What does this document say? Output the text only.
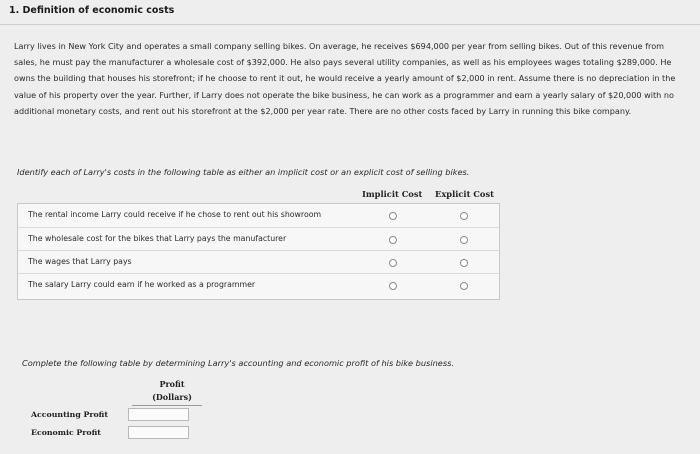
1. Definition of economic costs

Larry lives in New York City and operates a small company selling bikes. On average, he receives $694,000 per year from selling bikes. Out of this revenue from sales, he must pay the manufacturer a wholesale cost of $392,000. He also pays several utility companies, as well as his employees wages totaling $289,000. He owns the building that houses his storefront; if he choose to rent it out, he would receive a yearly amount of $2,000 in rent. Assume there is no depreciation in the value of his property over the year. Further, if Larry does not operate the bike business, he can work as a programmer and earn a yearly salary of $20,000 with no additional monetary costs, and rent out his storefront at the $2,000 per year rate. There are no other costs faced by Larry in running this bike company.

Identify each of Larry's costs in the following table as either an implicit cost or an explicit cost of selling bikes.
Implicit Cost Explicit Cost
The rental income Larry could receive if he chose to rent out his showroom
The wholesale cost for the bikes that Larry pays the manufacturer
The wages that Larry pays
The salary Larry could earn if he worked as a programmer
Complete the following table by determining Larry's accounting and economic profit of his bike business.
Profit
(Dollars)
Accounting Profit
Economic Profit
